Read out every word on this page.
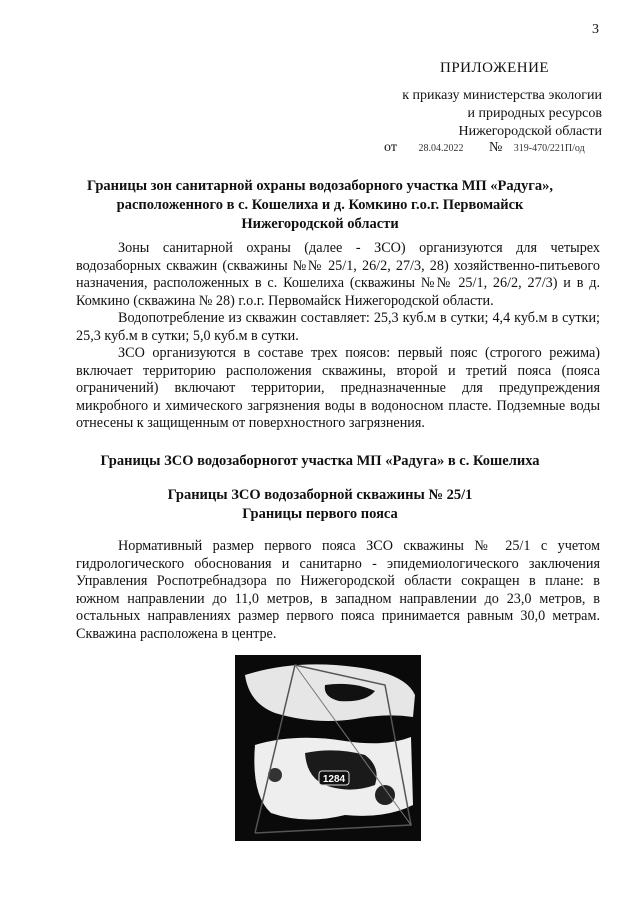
3
ПРИЛОЖЕНИЕ
к приказу министерства экологии
и природных ресурсов
Нижегородской области
от 28.04.2022 № 319-470/221П/од
Границы зон санитарной охраны водозаборного участка МП «Радуга»,
расположенного в с. Кошелиха и д. Комкино г.о.г. Первомайск
Нижегородской области

Зоны санитарной охраны (далее - ЗСО) организуются для четырех водозаборных скважин (скважины №№ 25/1, 26/2, 27/3, 28) хозяйственно-питьевого назначения, расположенных в с. Кошелиха (скважины №№ 25/1, 26/2, 27/3) и в д. Комкино (скважина № 28) г.о.г. Первомайск Нижегородской области.

Водопотребление из скважин составляет: 25,3 куб.м в сутки; 4,4 куб.м в сутки; 25,3 куб.м в сутки; 5,0 куб.м в сутки.

ЗСО организуются в составе трех поясов: первый пояс (строгого режима) включает территорию расположения скважины, второй и третий пояса (пояса ограничений) включают территории, предназначенные для предупреждения микробного и химического загрязнения воды в водоносном пласте. Подземные воды отнесены к защищенным от поверхностного загрязнения.

Границы ЗСО водозаборногот участка МП «Радуга» в с. Кошелиха
Границы ЗСО водозаборной скважины № 25/1
Границы первого пояса

Нормативный размер первого пояса ЗСО скважины № 25/1 с учетом гидрологического обоснования и санитарно - эпидемиологического заключения Управления Роспотребнадзора по Нижегородской области сокращен в плане: в южном направлении до 11,0 метров, в западном направлении до 23,0 метров, в остальных направлениях размер первого пояса принимается равным 30,0 метрам. Скважина расположена в центре.

1284
